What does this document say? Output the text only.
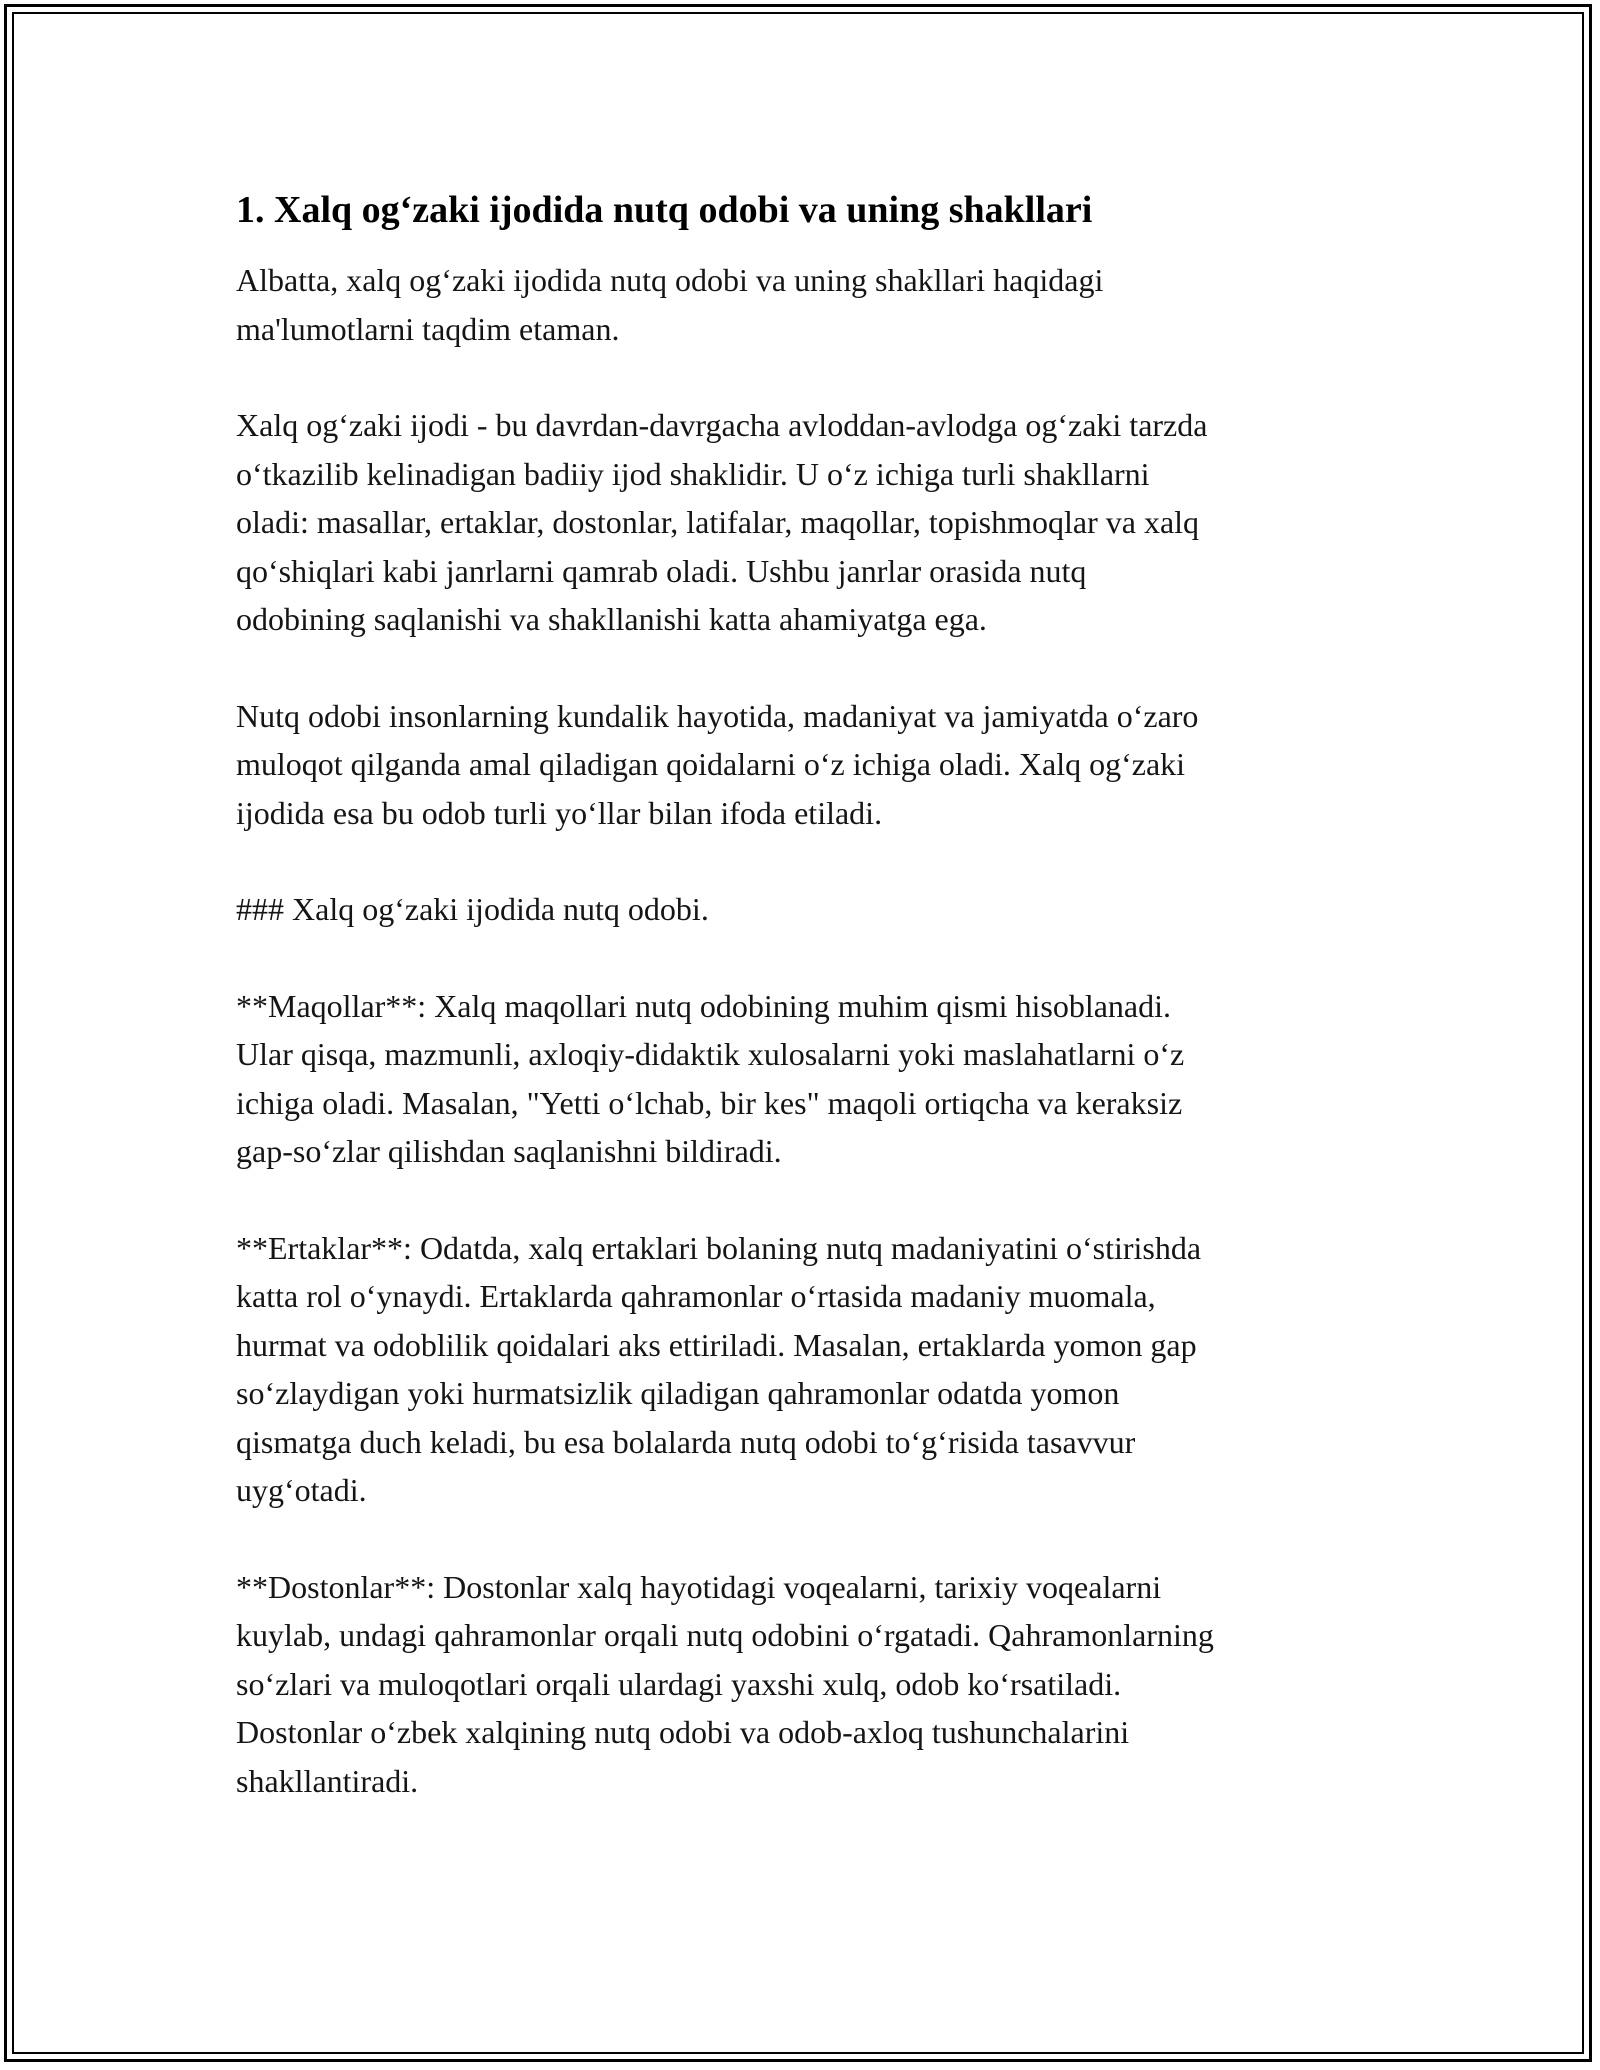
1. Xalq og‘zaki ijodida nutq odobi va uning shakllari

Albatta, xalq og‘zaki ijodida nutq odobi va uning shakllari haqidagi
ma'lumotlarni taqdim etaman.

Xalq og‘zaki ijodi - bu davrdan-davrgacha avloddan-avlodga og‘zaki tarzda
o‘tkazilib kelinadigan badiiy ijod shaklidir. U o‘z ichiga turli shakllarni
oladi: masallar, ertaklar, dostonlar, latifalar, maqollar, topishmoqlar va xalq
qo‘shiqlari kabi janrlarni qamrab oladi. Ushbu janrlar orasida nutq
odobining saqlanishi va shakllanishi katta ahamiyatga ega.

Nutq odobi insonlarning kundalik hayotida, madaniyat va jamiyatda o‘zaro
muloqot qilganda amal qiladigan qoidalarni o‘z ichiga oladi. Xalq og‘zaki
ijodida esa bu odob turli yo‘llar bilan ifoda etiladi.

### Xalq og‘zaki ijodida nutq odobi.

**Maqollar**: Xalq maqollari nutq odobining muhim qismi hisoblanadi.
Ular qisqa, mazmunli, axloqiy-didaktik xulosalarni yoki maslahatlarni o‘z
ichiga oladi. Masalan, "Yetti o‘lchab, bir kes" maqoli ortiqcha va keraksiz
gap-so‘zlar qilishdan saqlanishni bildiradi.

**Ertaklar**: Odatda, xalq ertaklari bolaning nutq madaniyatini o‘stirishda
katta rol o‘ynaydi. Ertaklarda qahramonlar o‘rtasida madaniy muomala,
hurmat va odoblilik qoidalari aks ettiriladi. Masalan, ertaklarda yomon gap
so‘zlaydigan yoki hurmatsizlik qiladigan qahramonlar odatda yomon
qismatga duch keladi, bu esa bolalarda nutq odobi to‘g‘risida tasavvur
uyg‘otadi.

**Dostonlar**: Dostonlar xalq hayotidagi voqealarni, tarixiy voqealarni
kuylab, undagi qahramonlar orqali nutq odobini o‘rgatadi. Qahramonlarning
so‘zlari va muloqotlari orqali ulardagi yaxshi xulq, odob ko‘rsatiladi.
Dostonlar o‘zbek xalqining nutq odobi va odob-axloq tushunchalarini
shakllantiradi.
